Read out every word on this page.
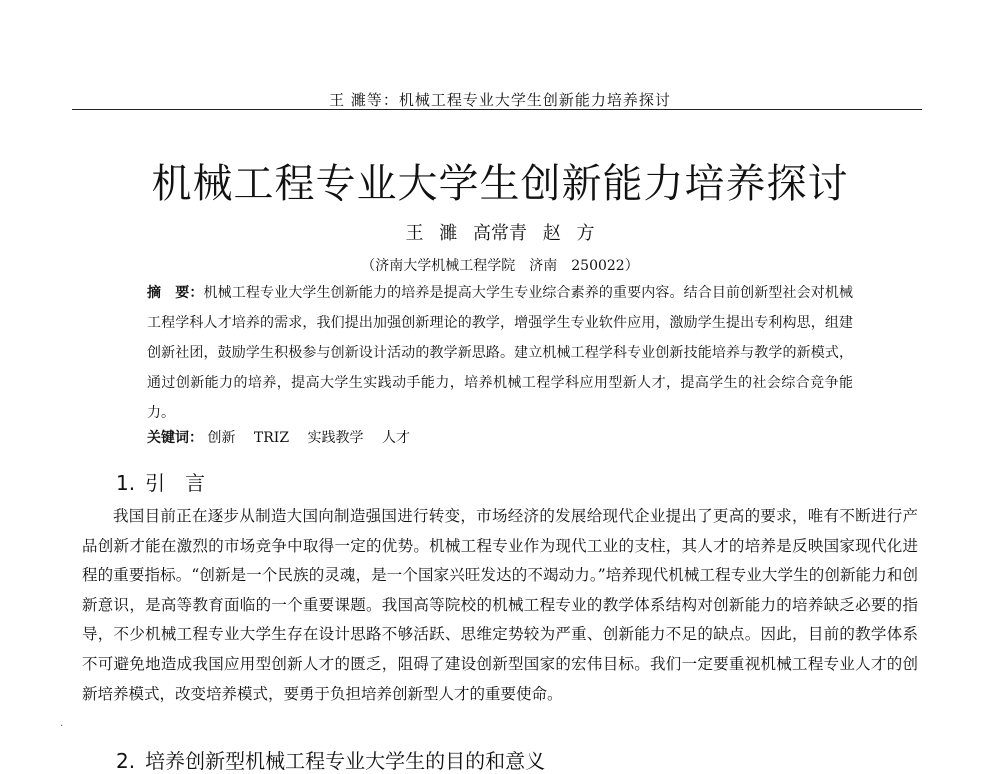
王 濉等：机械工程专业大学生创新能力培养探讨
机械工程专业大学生创新能力培养探讨
王 濉 高常青 赵 方
（济南大学机械工程学院　济南　250022）
摘　要：机械工程专业大学生创新能力的培养是提高大学生专业综合素养的重要内容。结合目前创新型社会对机械工程学科人才培养的需求，我们提出加强创新理论的教学，增强学生专业软件应用，激励学生提出专利构思，组建创新社团，鼓励学生积极参与创新设计活动的教学新思路。建立机械工程学科专业创新技能培养与教学的新模式，通过创新能力的培养，提高大学生实践动手能力，培养机械工程学科应用型新人才，提高学生的社会综合竞争能力。
关键词： 创新 TRIZ 实践教学 人才
1. 引　言
我国目前正在逐步从制造大国向制造强国进行转变，市场经济的发展给现代企业提出了更高的要求，唯有不断进行产品创新才能在激烈的市场竞争中取得一定的优势。机械工程专业作为现代工业的支柱，其人才的培养是反映国家现代化进程的重要指标。“创新是一个民族的灵魂，是一个国家兴旺发达的不竭动力。”培养现代机械工程专业大学生的创新能力和创新意识，是高等教育面临的一个重要课题。我国高等院校的机械工程专业的教学体系结构对创新能力的培养缺乏必要的指导，不少机械工程专业大学生存在设计思路不够活跃、思维定势较为严重、创新能力不足的缺点。因此，目前的教学体系不可避免地造成我国应用型创新人才的匮乏，阻碍了建设创新型国家的宏伟目标。我们一定要重视机械工程专业人才的创新培养模式，改变培养模式，要勇于负担培养创新型人才的重要使命。
·
2. 培养创新型机械工程专业大学生的目的和意义
